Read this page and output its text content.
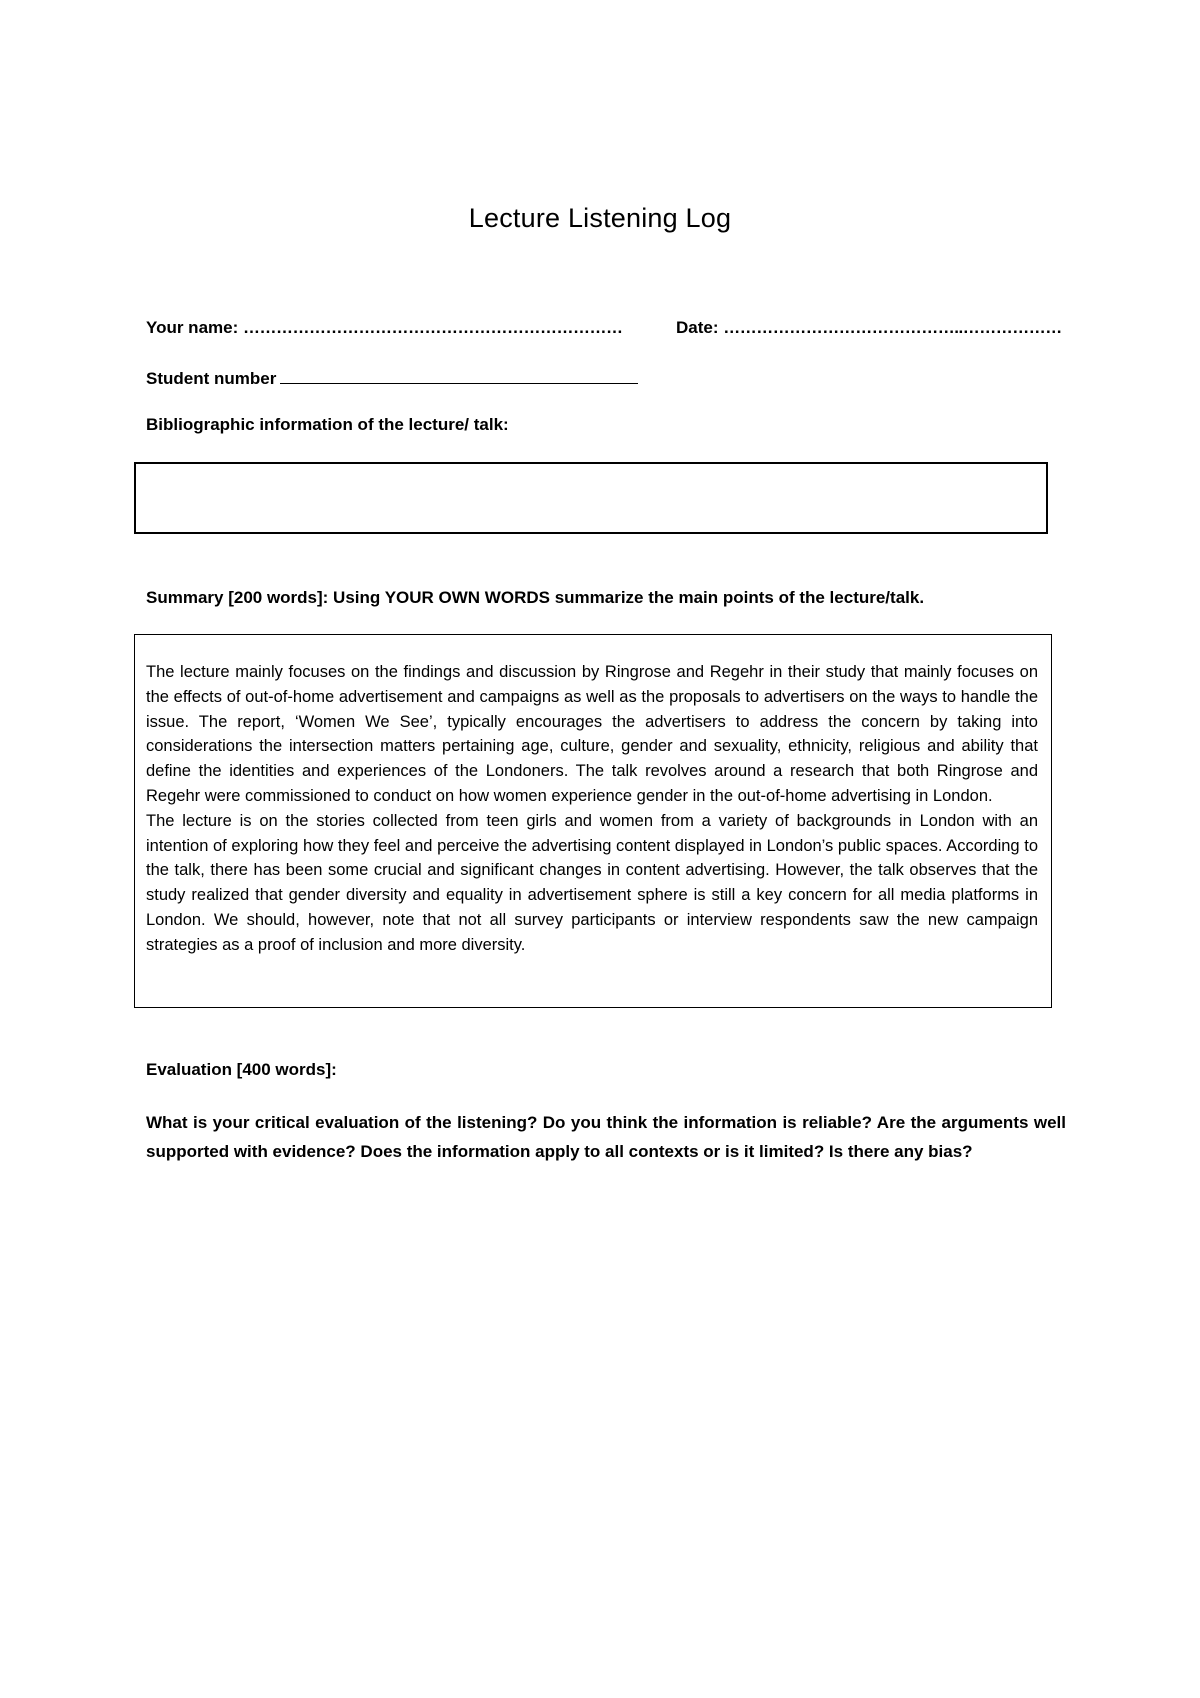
Lecture Listening Log
Your name: ……………………………………………………………	Date: ……………………………………..………………
Student number
Bibliographic information of the lecture/ talk:
Summary [200 words]: Using YOUR OWN WORDS summarize the main points of the lecture/talk.

The lecture mainly focuses on the findings and discussion by Ringrose and Regehr in their study that mainly focuses on the effects of out-of-home advertisement and campaigns as well as the proposals to advertisers on the ways to handle the issue. The report, ‘Women We See’, typically encourages the advertisers to address the concern by taking into considerations the intersection matters pertaining age, culture, gender and sexuality, ethnicity, religious and ability that define the identities and experiences of the Londoners. The talk revolves around a research that both Ringrose and Regehr were commissioned to conduct on how women experience gender in the out-of-home advertising in London.

The lecture is on the stories collected from teen girls and women from a variety of backgrounds in London with an intention of exploring how they feel and perceive the advertising content displayed in London’s public spaces. According to the talk, there has been some crucial and significant changes in content advertising. However, the talk observes that the study realized that gender diversity and equality in advertisement sphere is still a key concern for all media platforms in London. We should, however, note that not all survey participants or interview respondents saw the new campaign strategies as a proof of inclusion and more diversity.

Evaluation [400 words]:
What is your critical evaluation of the listening? Do you think the information is reliable? Are the arguments well supported with evidence? Does the information apply to all contexts or is it limited? Is there any bias?
